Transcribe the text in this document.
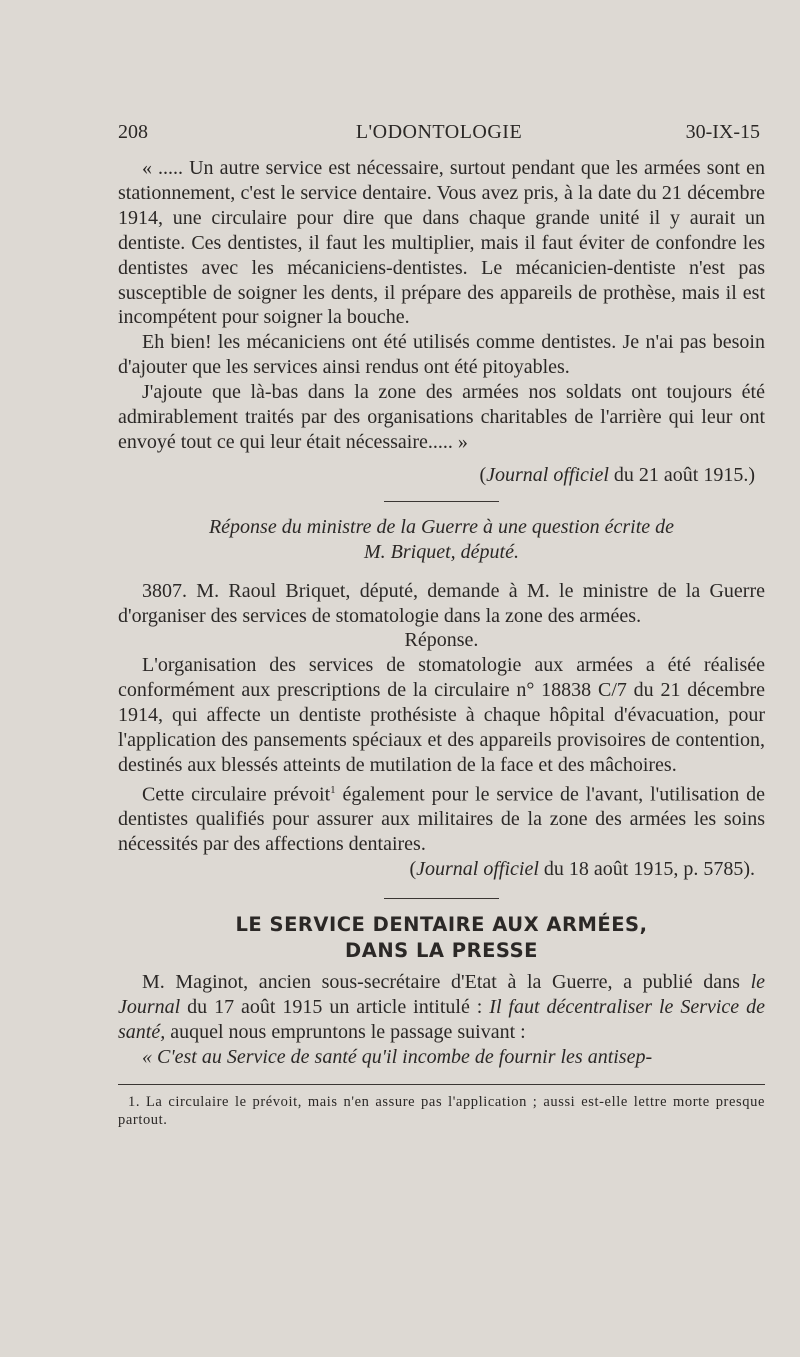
208	L'ODONTOLOGIE	30-IX-15

« ..... Un autre service est nécessaire, surtout pendant que les armées sont en stationnement, c'est le service dentaire. Vous avez pris, à la date du 21 décembre 1914, une circulaire pour dire que dans chaque grande unité il y aurait un dentiste. Ces dentistes, il faut les multiplier, mais il faut éviter de confondre les dentistes avec les mécaniciens-dentistes. Le mécanicien-dentiste n'est pas susceptible de soigner les dents, il prépare des appareils de prothèse, mais il est incompétent pour soigner la bouche.

Eh bien! les mécaniciens ont été utilisés comme dentistes. Je n'ai pas besoin d'ajouter que les services ainsi rendus ont été pitoyables.

J'ajoute que là-bas dans la zone des armées nos soldats ont toujours été admirablement traités par des organisations charitables de l'arrière qui leur ont envoyé tout ce qui leur était nécessaire..... »

(Journal officiel du 21 août 1915.)

Réponse du ministre de la Guerre à une question écrite de
M. Briquet, député.

3807. M. Raoul Briquet, député, demande à M. le ministre de la Guerre d'organiser des services de stomatologie dans la zone des armées.

Réponse.

L'organisation des services de stomatologie aux armées a été réalisée conformément aux prescriptions de la circulaire n° 18838 C/7 du 21 décembre 1914, qui affecte un dentiste prothésiste à chaque hôpital d'évacuation, pour l'application des pansements spéciaux et des appareils provisoires de contention, destinés aux blessés atteints de mutilation de la face et des mâchoires.

Cette circulaire prévoit$^1$ également pour le service de l'avant, l'utilisation de dentistes qualifiés pour assurer aux militaires de la zone des armées les soins nécessités par des affections dentaires.

(Journal officiel du 18 août 1915, p. 5785).

LE SERVICE DENTAIRE AUX ARMÉES,
DANS LA PRESSE

M. Maginot, ancien sous-secrétaire d'Etat à la Guerre, a publié dans le Journal du 17 août 1915 un article intitulé : Il faut décentraliser le Service de santé, auquel nous empruntons le passage suivant :

« C'est au Service de santé qu'il incombe de fournir les antisep-

1. La circulaire le prévoit, mais n'en assure pas l'application ; aussi est-elle lettre morte presque partout.
